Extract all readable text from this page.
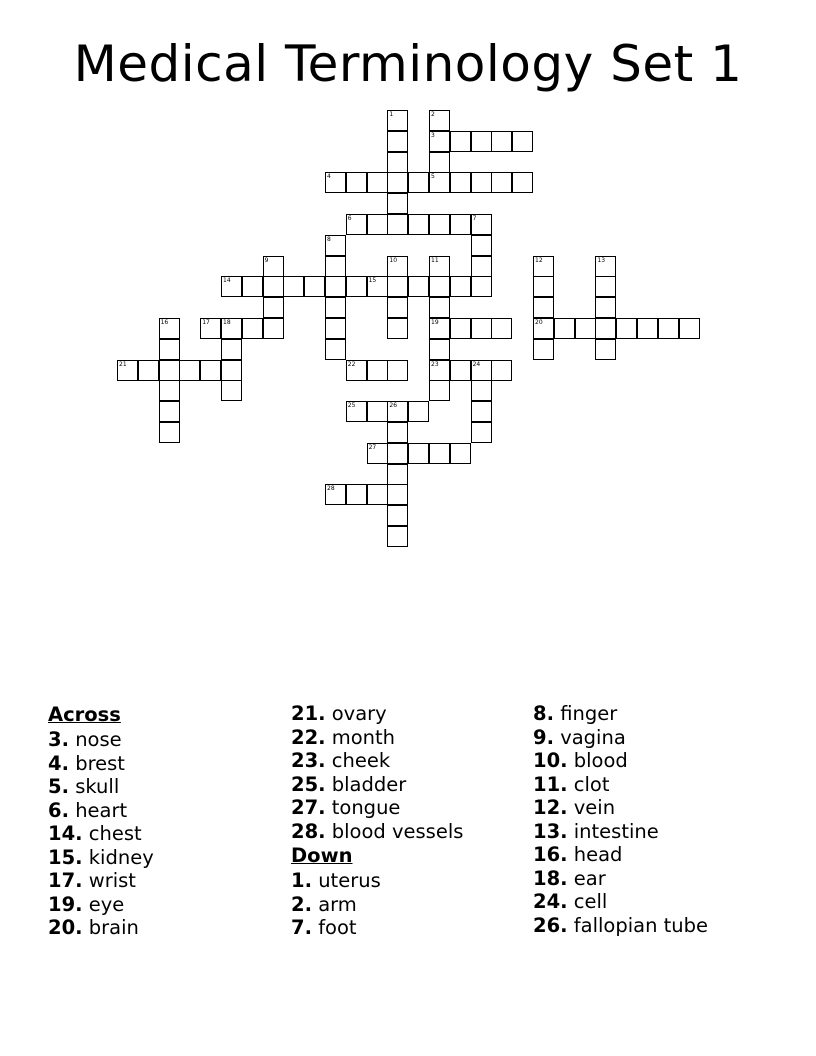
Medical Terminology Set 1
1	2
3
5
4
6	7
8
9	10	11
19
23
12
20
13
14	15
16	17 18
21	22	24
25	26
27
28
Across
3. nose
4. brest
5. skull
6. heart
14. chest
15. kidney
17. wrist
19. eye
20. brain
21. ovary
22. month
23. cheek
25. bladder
27. tongue
28. blood vessels
Down
1. uterus
2. arm
7. foot
8. finger
9. vagina
10. blood
11. clot
12. vein
13. intestine
16. head
18. ear
24. cell
26. fallopian tube
